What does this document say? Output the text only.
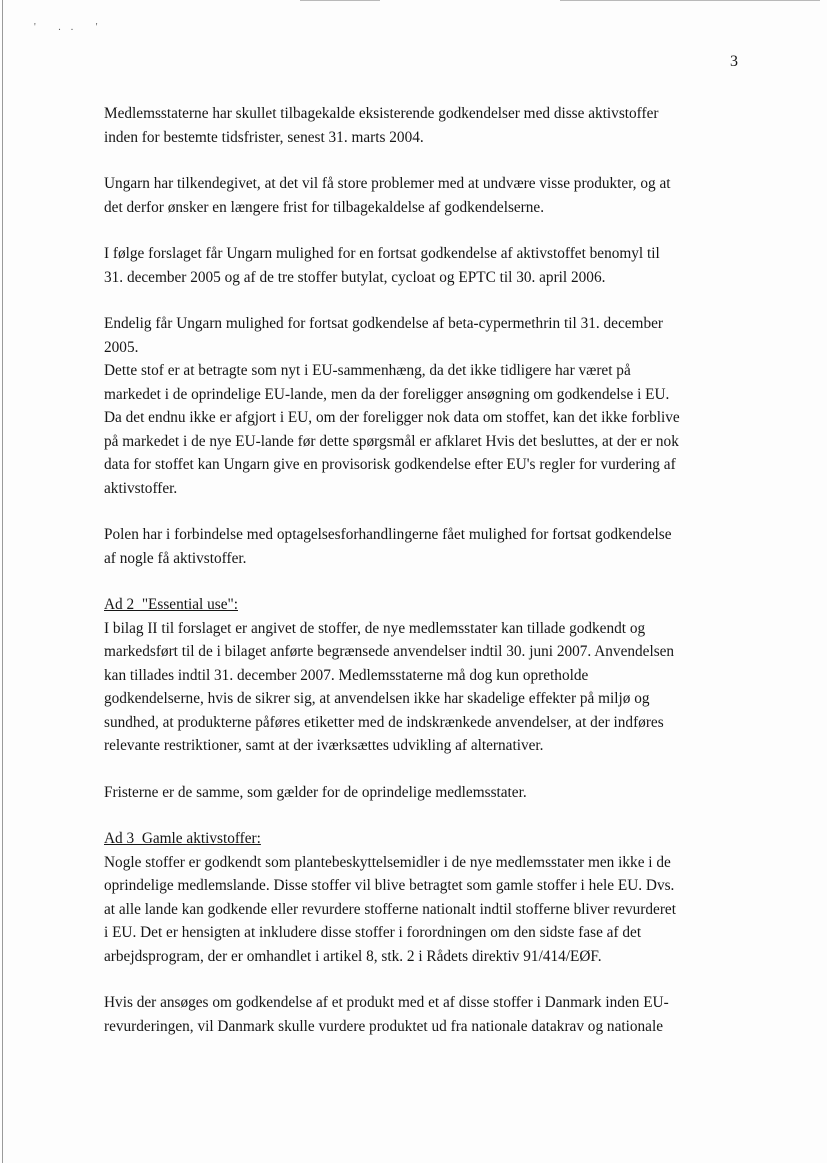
' .. '
3

Medlemsstaterne har skullet tilbagekalde eksisterende godkendelser med disse aktivstoffer
inden for bestemte tidsfrister, senest 31. marts 2004.

Ungarn har tilkendegivet, at det vil få store problemer med at undvære visse produkter, og at
det derfor ønsker en længere frist for tilbagekaldelse af godkendelserne.

I følge forslaget får Ungarn mulighed for en fortsat godkendelse af aktivstoffet benomyl til
31. december 2005 og af de tre stoffer butylat, cycloat og EPTC til 30. april 2006.

Endelig får Ungarn mulighed for fortsat godkendelse af beta-cypermethrin til 31. december
2005.

Dette stof er at betragte som nyt i EU-sammenhæng, da det ikke tidligere har været på
markedet i de oprindelige EU-lande, men da der foreligger ansøgning om godkendelse i EU.
Da det endnu ikke er afgjort i EU, om der foreligger nok data om stoffet, kan det ikke forblive
på markedet i de nye EU-lande før dette spørgsmål er afklaret Hvis det besluttes, at der er nok
data for stoffet kan Ungarn give en provisorisk godkendelse efter EU's regler for vurdering af
aktivstoffer.

Polen har i forbindelse med optagelsesforhandlingerne fået mulighed for fortsat godkendelse
af nogle få aktivstoffer.

Ad 2  "Essential use":

I bilag II til forslaget er angivet de stoffer, de nye medlemsstater kan tillade godkendt og
markedsført til de i bilaget anførte begrænsede anvendelser indtil 30. juni 2007. Anvendelsen
kan tillades indtil 31. december 2007. Medlemsstaterne må dog kun opretholde
godkendelserne, hvis de sikrer sig, at anvendelsen ikke har skadelige effekter på miljø og
sundhed, at produkterne påføres etiketter med de indskrænkede anvendelser, at der indføres
relevante restriktioner, samt at der iværksættes udvikling af alternativer.

Fristerne er de samme, som gælder for de oprindelige medlemsstater.

Ad 3  Gamle aktivstoffer:

Nogle stoffer er godkendt som plantebeskyttelsemidler i de nye medlemsstater men ikke i de
oprindelige medlemslande. Disse stoffer vil blive betragtet som gamle stoffer i hele EU. Dvs.
at alle lande kan godkende eller revurdere stofferne nationalt indtil stofferne bliver revurderet
i EU. Det er hensigten at inkludere disse stoffer i forordningen om den sidste fase af det
arbejdsprogram, der er omhandlet i artikel 8, stk. 2 i Rådets direktiv 91/414/EØF.

Hvis der ansøges om godkendelse af et produkt med et af disse stoffer i Danmark inden EU-
revurderingen, vil Danmark skulle vurdere produktet ud fra nationale datakrav og nationale
